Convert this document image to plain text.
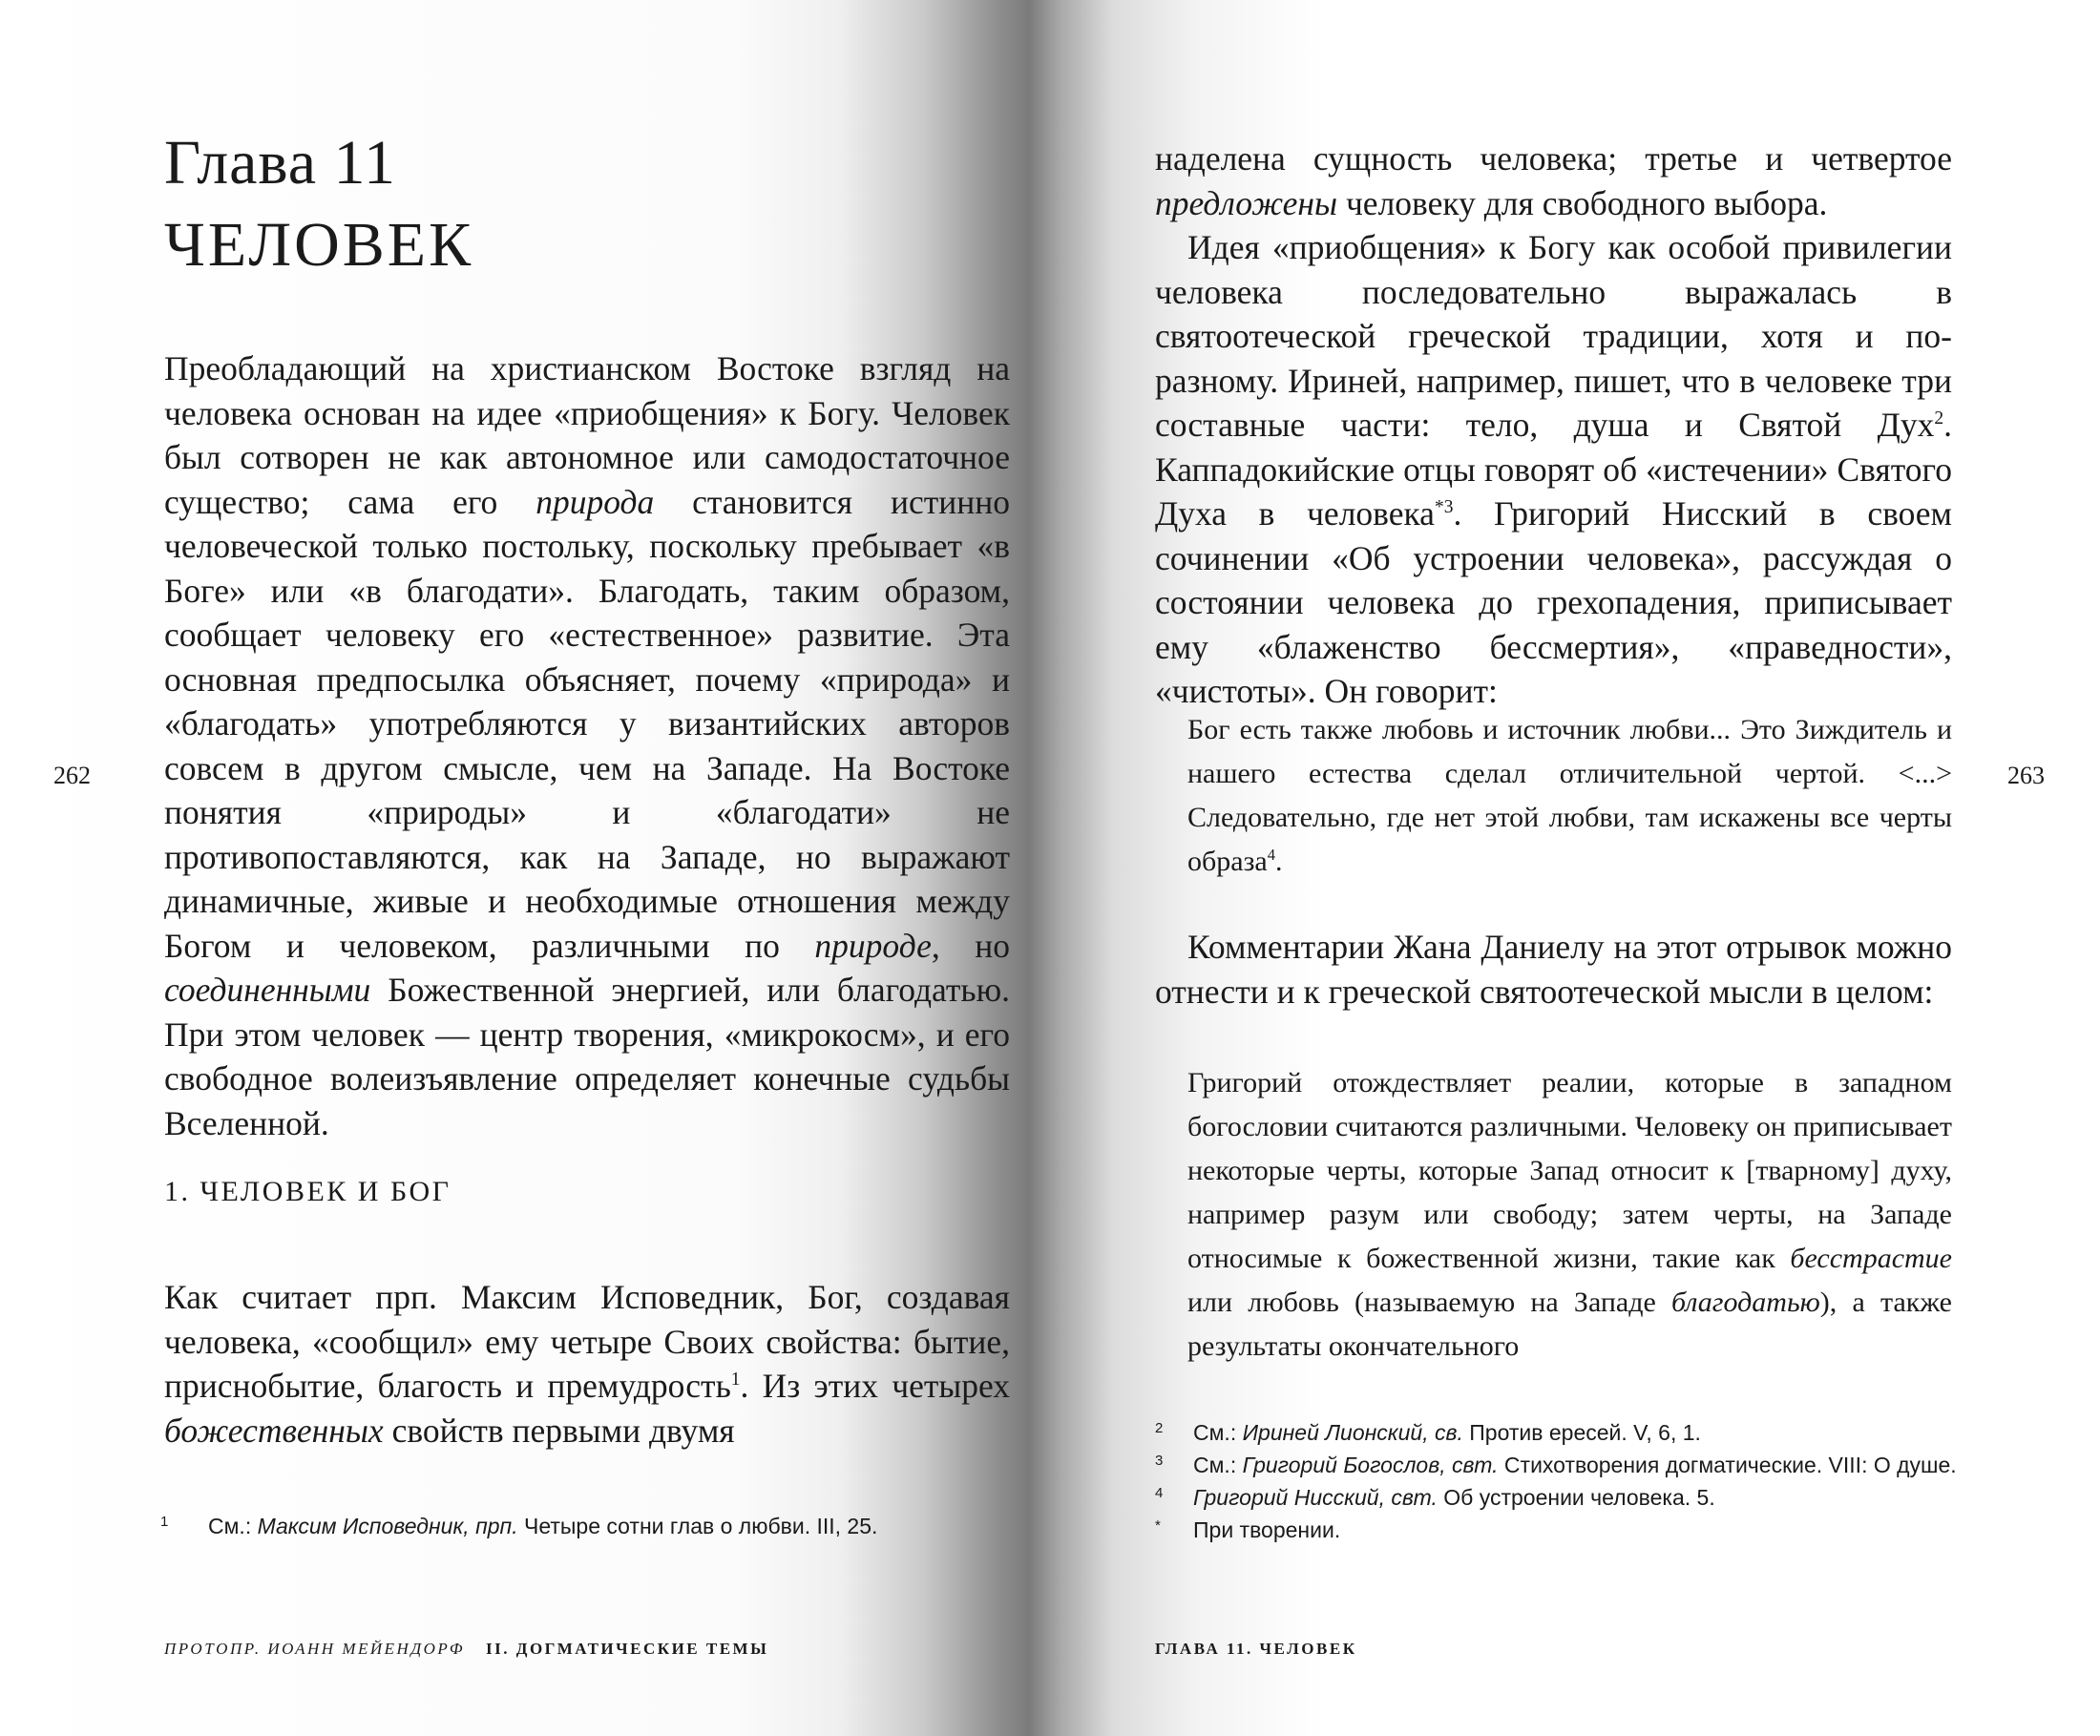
Глава 11
ЧЕЛОВЕК

Преобладающий на христианском Востоке взгляд на человека основан на идее «приобщения» к Богу. Человек был сотворен не как автономное или самодостаточное существо; сама его природа становится истинно человеческой только постольку, поскольку пребывает «в Боге» или «в благодати». Благодать, таким образом, сообщает человеку его «естественное» развитие. Эта основная предпосылка объясняет, почему «природа» и «благодать» употребляются у византийских авторов совсем в другом смысле, чем на Западе. На Востоке понятия «природы» и «благодати» не противопоставляются, как на Западе, но выражают динамичные, живые и необходимые отношения между Богом и человеком, различными по природе, но соединенными Божественной энергией, или благодатью. При этом человек — центр творения, «микрокосм», и его свободное волеизъявление определяет конечные судьбы Вселенной.

1. ЧЕЛОВЕК И БОГ

Как считает прп. Максим Исповедник, Бог, создавая человека, «сообщил» ему четыре Своих свойства: бытие, приснобытие, благость и премудрость$^1$. Из этих четырех божественных свойств первыми двумя

1 См.: Максим Исповедник, прп. Четыре сотни глав о любви. III, 25.
262
ПРОТОПР. ИОАНН МЕЙЕНДОРФ II. ДОГМАТИЧЕСКИЕ ТЕМЫ

наделена сущность человека; третье и четвертое предложены человеку для свободного выбора.

Идея «приобщения» к Богу как особой привилегии человека последовательно выражалась в святоотеческой греческой традиции, хотя и по-разному. Ириней, например, пишет, что в человеке три составные части: тело, душа и Святой Дух$^2$. Каппадокийские отцы говорят об «истечении» Святого Духа в человека$^{*3}$. Григорий Нисский в своем сочинении «Об устроении человека», рассуждая о состоянии человека до грехопадения, приписывает ему «блаженство бессмертия», «праведности», «чистоты». Он говорит:

Бог есть также любовь и источник любви... Это Зиждитель и нашего естества сделал отличительной чертой. <...> Следовательно, где нет этой любви, там искажены все черты образа$^4$.

Комментарии Жана Даниелу на этот отрывок можно отнести и к греческой святоотеческой мысли в целом:

Григорий отождествляет реалии, которые в западном богословии считаются различными. Человеку он приписывает некоторые черты, которые Запад относит к [тварному] духу, например разум или свободу; затем черты, на Западе относимые к божественной жизни, такие как бесстрастие или любовь (называемую на Западе благодатью), а также результаты окончательного

2 См.: Ириней Лионский, св. Против ересей. V, 6, 1.
3 См.: Григорий Богослов, свт. Стихотворения догматические. VIII: О душе.
4 Григорий Нисский, свт. Об устроении человека. 5.
* При творении.
263
ГЛАВА 11. ЧЕЛОВЕК
